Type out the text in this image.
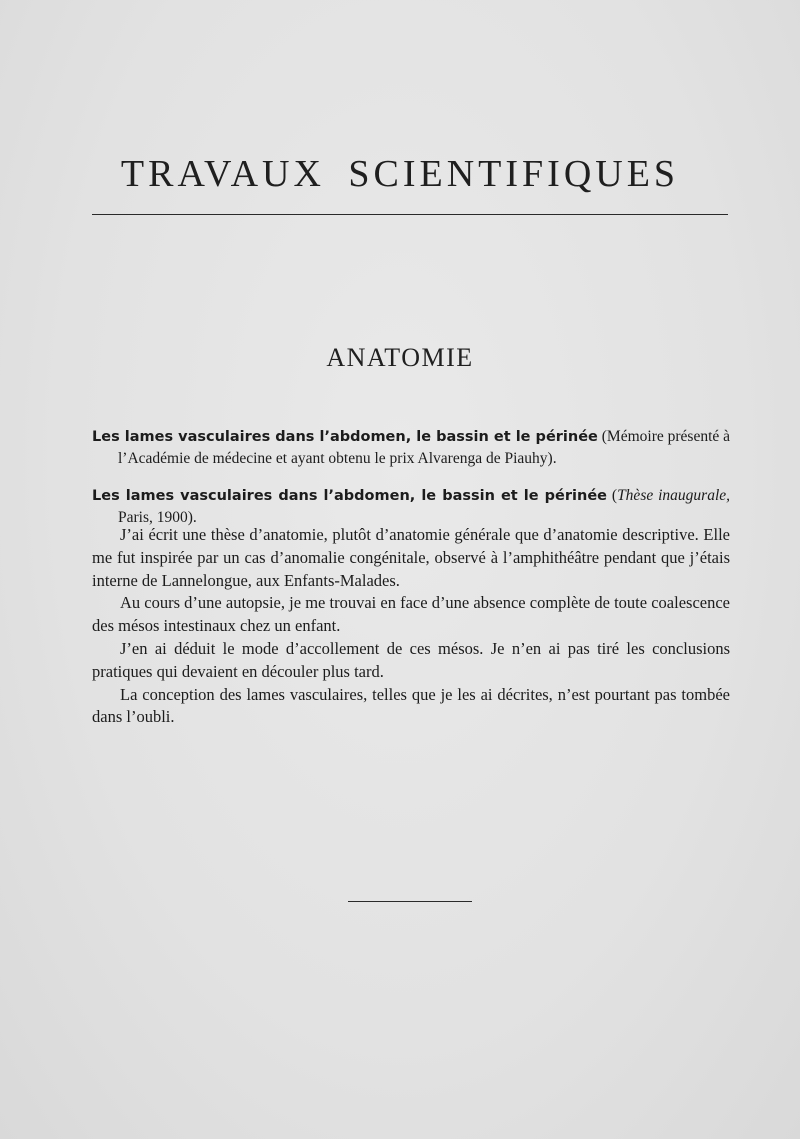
TRAVAUX SCIENTIFIQUES
ANATOMIE

Les lames vasculaires dans l’abdomen, le bassin et le périnée (Mémoire présenté à l’Académie de médecine et ayant obtenu le prix Alvarenga de Piauhy).

Les lames vasculaires dans l’abdomen, le bassin et le périnée (Thèse inaugurale, Paris, 1900).

J’ai écrit une thèse d’anatomie, plutôt d’anatomie générale que d’anatomie descriptive. Elle me fut inspirée par un cas d’anomalie congénitale, observé à l’amphithéâtre pendant que j’étais interne de Lannelongue, aux Enfants-Malades.

Au cours d’une autopsie, je me trouvai en face d’une absence complète de toute coalescence des mésos intestinaux chez un enfant.

J’en ai déduit le mode d’accollement de ces mésos. Je n’en ai pas tiré les conclusions pratiques qui devaient en découler plus tard.

La conception des lames vasculaires, telles que je les ai décrites, n’est pourtant pas tombée dans l’oubli.
